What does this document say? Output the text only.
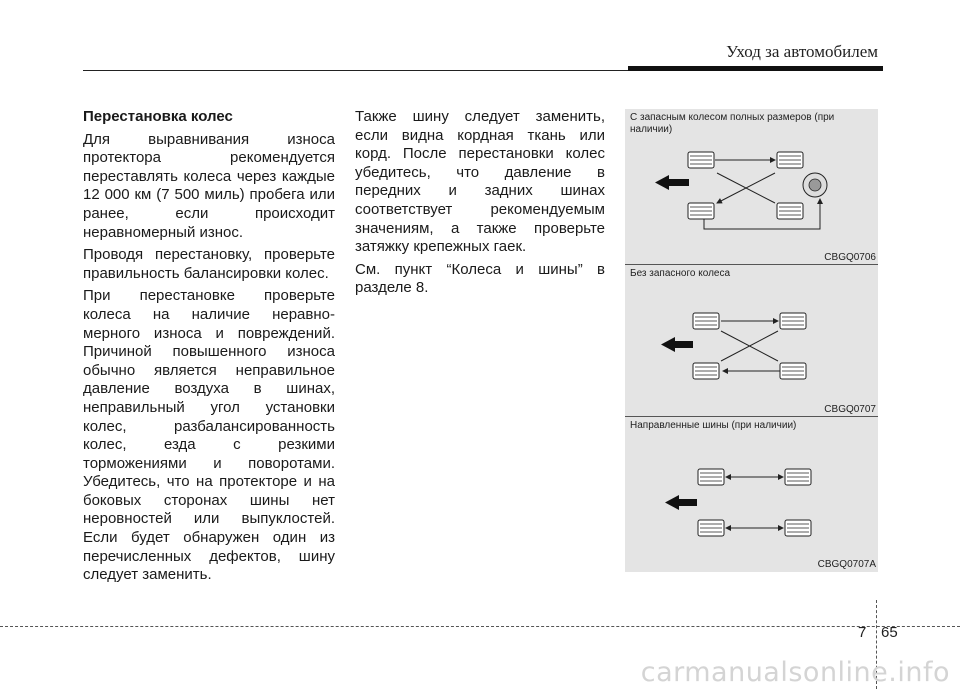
Уход за автомобилем
Перестановка колес

Для выравнивания износа протектора рекомендуется переставлять колеса через каждые 12 000 км (7 500 миль) пробега или ранее, если происходит неравномерный износ.

Проводя перестановку, проверьте правильность балансировки колес.

При перестановке проверьте колеса на наличие неравно-мерного износа и повреждений. Причиной повышенного износа обычно является неправильное давление воздуха в шинах, неправильный угол установки колес, разбалансированность колес, езда с резкими торможениями и поворотами. Убедитесь, что на протекторе и на боковых сторонах шины нет неровностей или выпуклостей. Если будет обнаружен один из перечисленных дефектов, шину следует заменить.

Также шину следует заменить, если видна кордная ткань или корд. После перестановки колес убедитесь, что давление в передних и задних шинах соответствует рекомендуемым значениям, а также проверьте затяжку крепежных гаек.

См. пункт “Колеса и шины” в разделе 8.

С запасным колесом полных размеров (при наличии)
CBGQ0706
Без запасного колеса
CBGQ0707
Направленные шины (при наличии)
CBGQ0707A
7 65
carmanualsonline.info
